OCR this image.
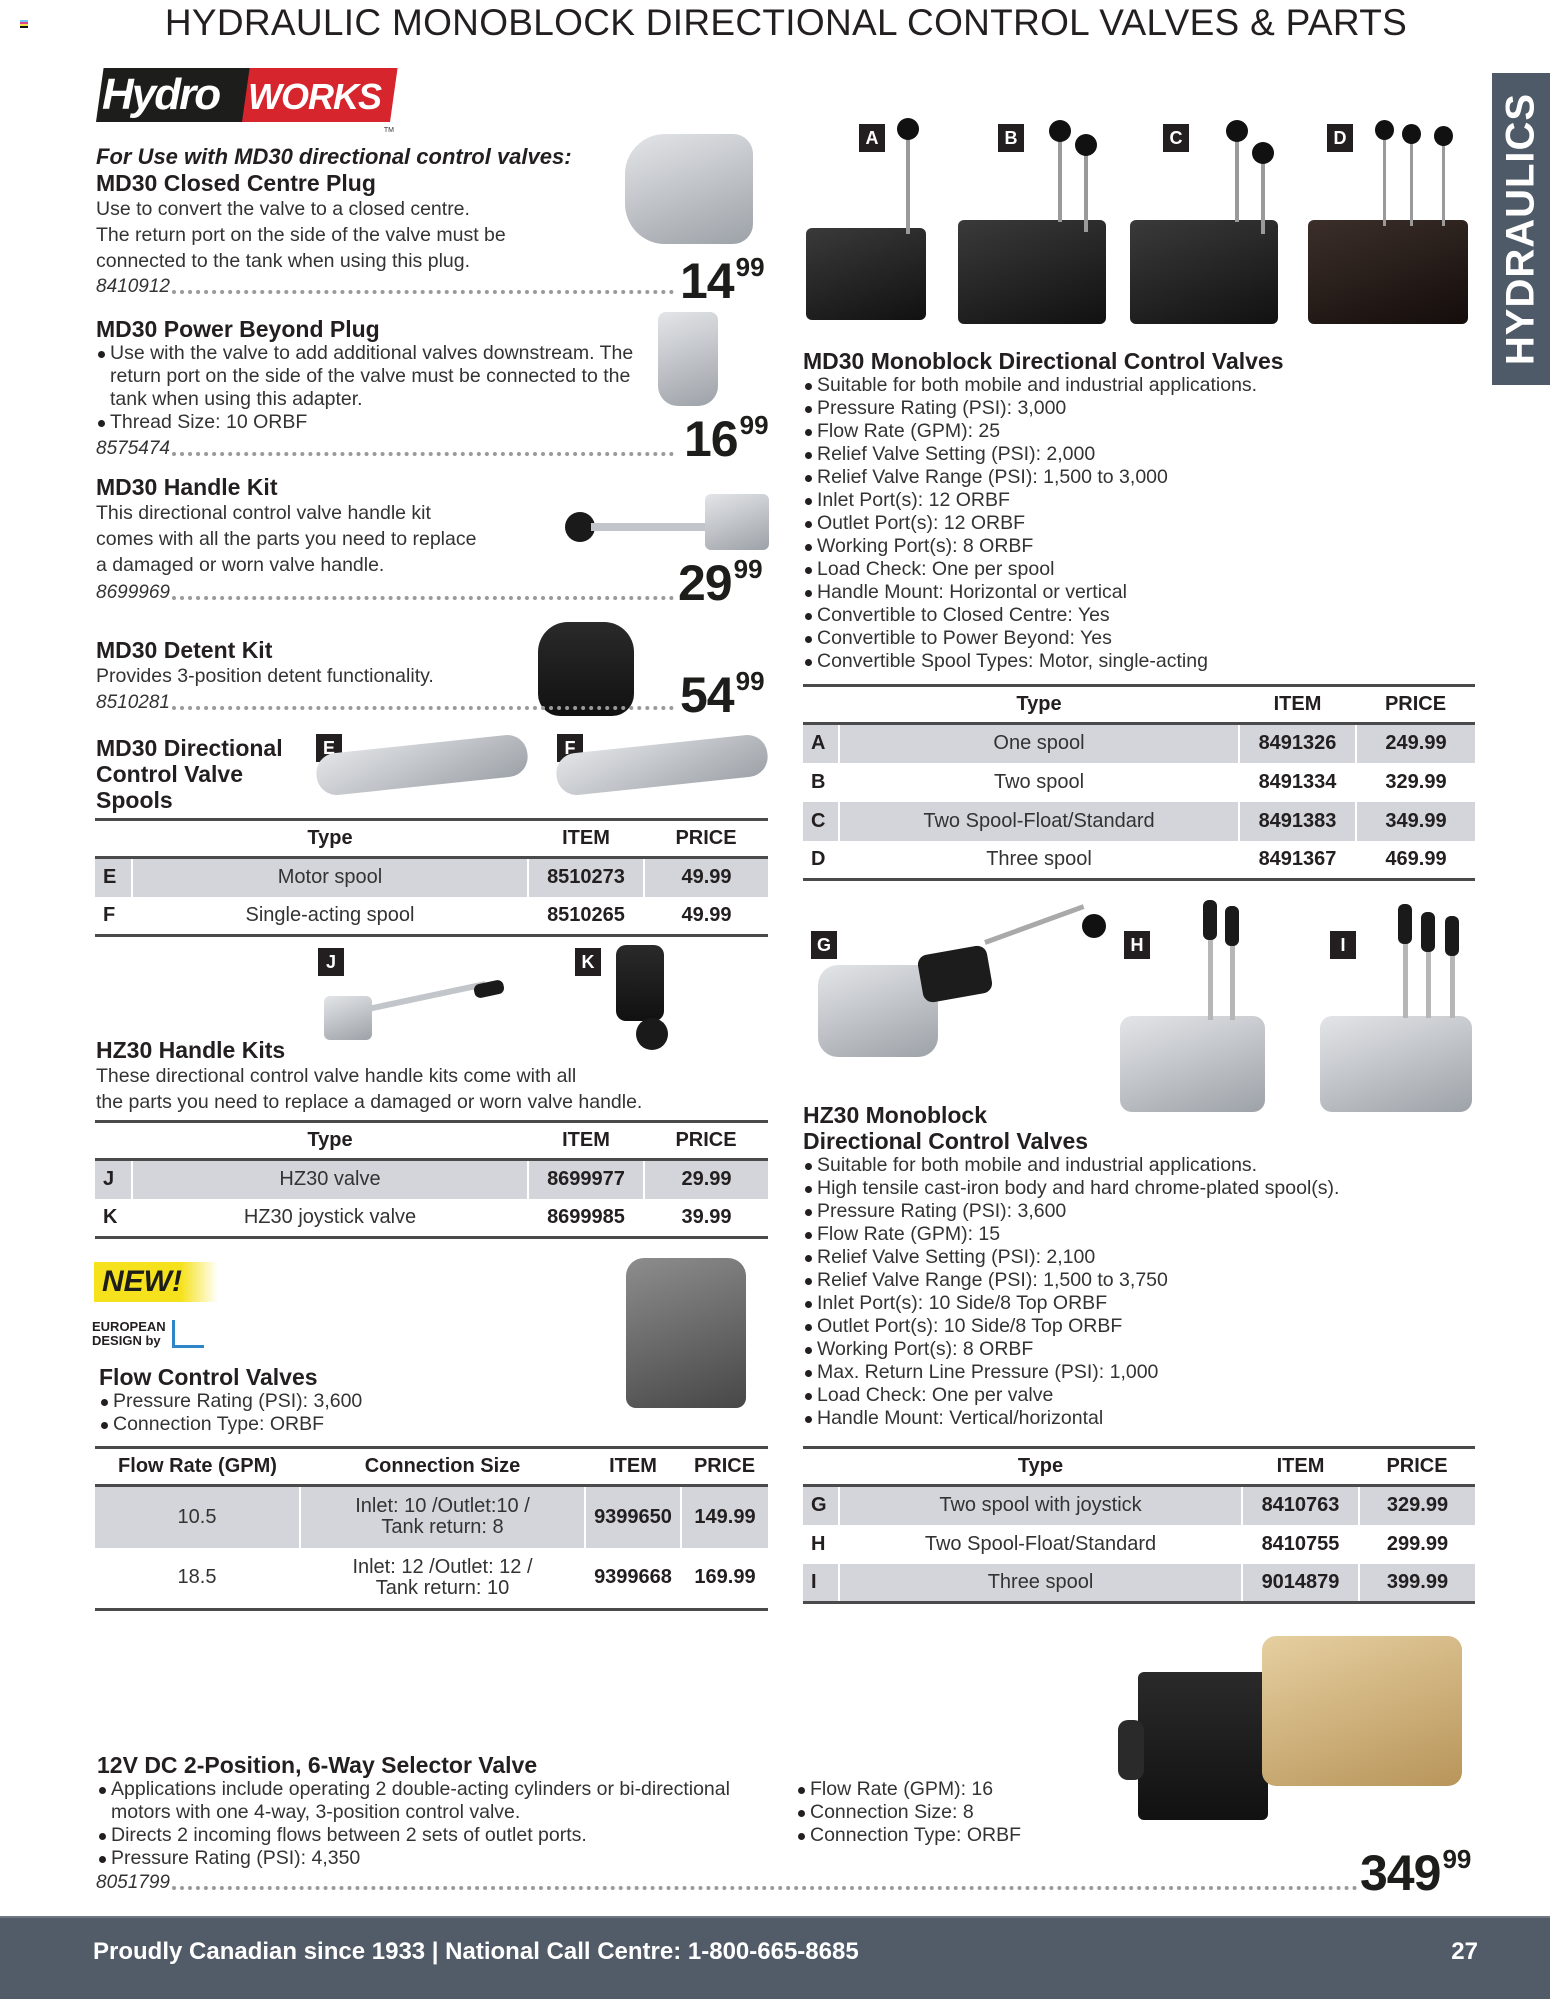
HYDRAULIC MONOBLOCK DIRECTIONAL CONTROL VALVES & PARTS
HYDRAULICS
Hydro WORKS
TM
For Use with MD30 directional control valves:
MD30 Closed Centre Plug
Use to convert the valve to a closed centre.
The return port on the side of the valve must be
connected to the tank when using this plug.
8410912	1499
MD30 Power Beyond Plug
Use with the valve to add additional valves downstream. The return port on the side of the valve must be connected to the tank when using this adapter.
Thread Size: 10 ORBF
8575474	1699
MD30 Handle Kit
This directional control valve handle kit
comes with all the parts you need to replace
a damaged or worn valve handle.
8699969	2999
MD30 Detent Kit
Provides 3-position detent functionality.
8510281	5499
MD30 Directional
Control Valve
Spools
E	F
	Type	ITEM	PRICE
E	Motor spool	8510273	49.99
F	Single-acting spool	8510265	49.99
J	K
HZ30 Handle Kits
These directional control valve handle kits come with all
the parts you need to replace a damaged or worn valve handle.
	Type	ITEM	PRICE
J	HZ30 valve	8699977	29.99
K	HZ30 joystick valve	8699985	39.99
NEW!
EUROPEAN
DESIGN by
Flow Control Valves
Pressure Rating (PSI): 3,600
Connection Type: ORBF
Flow Rate (GPM)	Connection Size	ITEM	PRICE
10.5	Inlet: 10 /Outlet:10 /
Tank return: 8	9399650	149.99
18.5	Inlet: 12 /Outlet: 12 /
Tank return: 10	9399668	169.99
A	B	C	D
MD30 Monoblock Directional Control Valves
Suitable for both mobile and industrial applications.
Pressure Rating (PSI): 3,000
Flow Rate (GPM): 25
Relief Valve Setting (PSI): 2,000
Relief Valve Range (PSI): 1,500 to 3,000
Inlet Port(s): 12 ORBF
Outlet Port(s): 12 ORBF
Working Port(s): 8 ORBF
Load Check: One per spool
Handle Mount: Horizontal or vertical
Convertible to Closed Centre: Yes
Convertible to Power Beyond: Yes
Convertible Spool Types: Motor, single-acting
	Type	ITEM	PRICE
A	One spool	8491326	249.99
B	Two spool	8491334	329.99
C	Two Spool-Float/Standard	8491383	349.99
D	Three spool	8491367	469.99
G	H	I
HZ30 Monoblock
Directional Control Valves
Suitable for both mobile and industrial applications.
High tensile cast-iron body and hard chrome-plated spool(s).
Pressure Rating (PSI): 3,600
Flow Rate (GPM): 15
Relief Valve Setting (PSI): 2,100
Relief Valve Range (PSI): 1,500 to 3,750
Inlet Port(s): 10 Side/8 Top ORBF
Outlet Port(s): 10 Side/8 Top ORBF
Working Port(s): 8 ORBF
Max. Return Line Pressure (PSI): 1,000
Load Check: One per valve
Handle Mount: Vertical/horizontal
	Type	ITEM	PRICE
G	Two spool with joystick	8410763	329.99
H	Two Spool-Float/Standard	8410755	299.99
I	Three spool	9014879	399.99
12V DC 2-Position, 6-Way Selector Valve
Applications include operating 2 double-acting cylinders or bi-directional motors with one 4-way, 3-position control valve.
Directs 2 incoming flows between 2 sets of outlet ports.
Pressure Rating (PSI): 4,350
Flow Rate (GPM): 16
Connection Size: 8
Connection Type: ORBF
8051799	34999
Proudly Canadian since 1933 | National Call Centre: 1-800-665-8685	27
